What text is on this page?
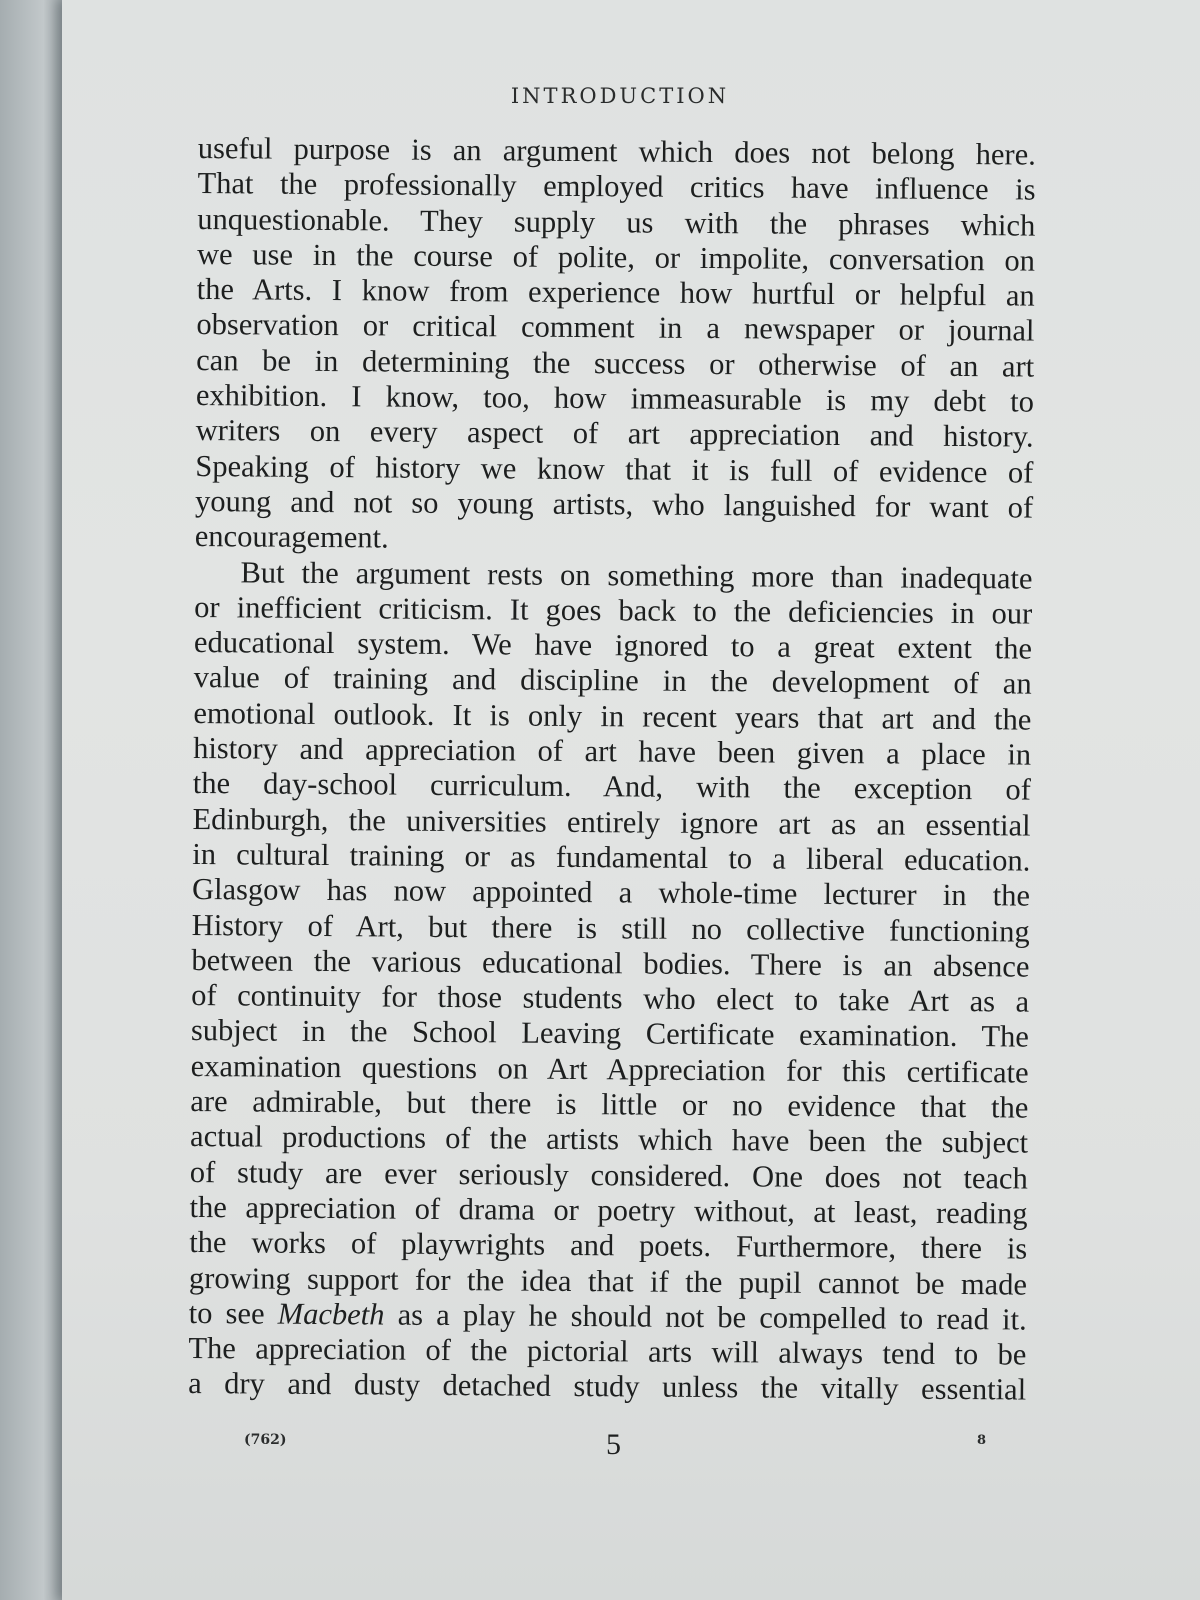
INTRODUCTION

useful purpose is an argument which does not belong here.
That the professionally employed critics have influence is
unquestionable. They supply us with the phrases which
we use in the course of polite, or impolite, conversation on
the Arts. I know from experience how hurtful or helpful an
observation or critical comment in a newspaper or journal
can be in determining the success or otherwise of an art
exhibition. I know, too, how immeasurable is my debt to
writers on every aspect of art appreciation and history.
Speaking of history we know that it is full of evidence of
young and not so young artists, who languished for want of
encouragement.

But the argument rests on something more than inadequate
or inefficient criticism. It goes back to the deficiencies in our
educational system. We have ignored to a great extent the
value of training and discipline in the development of an
emotional outlook. It is only in recent years that art and the
history and appreciation of art have been given a place in
the day-school curriculum. And, with the exception of
Edinburgh, the universities entirely ignore art as an essential
in cultural training or as fundamental to a liberal education.
Glasgow has now appointed a whole-time lecturer in the
History of Art, but there is still no collective functioning
between the various educational bodies. There is an absence
of continuity for those students who elect to take Art as a
subject in the School Leaving Certificate examination. The
examination questions on Art Appreciation for this certificate
are admirable, but there is little or no evidence that the
actual productions of the artists which have been the subject
of study are ever seriously considered. One does not teach
the appreciation of drama or poetry without, at least, reading
the works of playwrights and poets. Furthermore, there is
growing support for the idea that if the pupil cannot be made
to see Macbeth as a play he should not be compelled to read it.
The appreciation of the pictorial arts will always tend to be
a dry and dusty detached study unless the vitally essential

(762)	5	8
